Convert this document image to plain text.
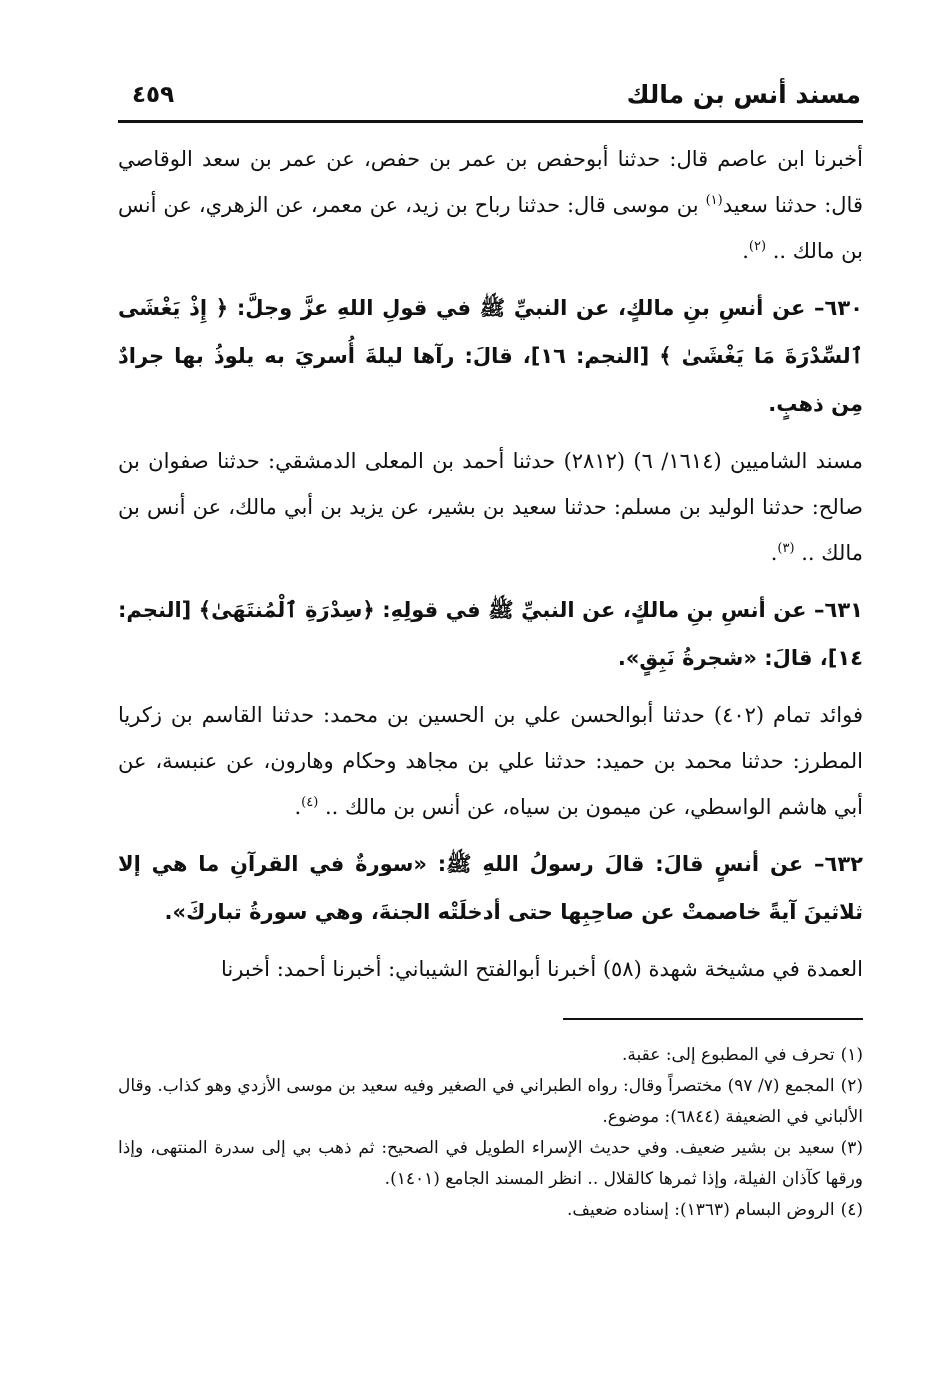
مسند أنس بن مالك
٤٥٩

أخبرنا ابن عاصم قال: حدثنا أبوحفص بن عمر بن حفص، عن عمر بن سعد الوقاصي قال: حدثنا سعيد$^{(١)}$ بن موسى قال: حدثنا رباح بن زيد، عن معمر، عن الزهري، عن أنس بن مالك .. $^{(٢)}$.

٦٣٠– عن أنسِ بنِ مالكٍ، عن النبيِّ ﷺ في قولِ اللهِ عزَّ وجلَّ: ﴿ إِذْ يَغْشَى ٱلسِّدْرَةَ مَا يَغْشَىٰ ﴾ [النجم: ١٦]، قالَ: رآها ليلةَ أُسريَ به يلوذُ بها جرادٌ مِن ذهبٍ.

مسند الشاميين (١٦١٤/ ٦) (٢٨١٢) حدثنا أحمد بن المعلى الدمشقي: حدثنا صفوان بن صالح: حدثنا الوليد بن مسلم: حدثنا سعيد بن بشير، عن يزيد بن أبي مالك، عن أنس بن مالك .. $^{(٣)}$.

٦٣١– عن أنسِ بنِ مالكٍ، عن النبيِّ ﷺ في قولِهِ: ﴿سِدْرَةِ ٱلْمُنتَهَىٰ﴾ [النجم: ١٤]، قالَ: «شجرةُ نَبِقٍ».

فوائد تمام (٤٠٢) حدثنا أبوالحسن علي بن الحسين بن محمد: حدثنا القاسم بن زكريا المطرز: حدثنا محمد بن حميد: حدثنا علي بن مجاهد وحكام وهارون، عن عنبسة، عن أبي هاشم الواسطي، عن ميمون بن سياه، عن أنس بن مالك .. $^{(٤)}$.

٦٣٢– عن أنسٍ قالَ: قالَ رسولُ اللهِ ﷺ: «سورةٌ في القرآنِ ما هي إلا ثلاثينَ آيةً خاصمتْ عن صاحِبِها حتى أدخلَتْه الجنةَ، وهي سورةُ تباركَ».

العمدة في مشيخة شهدة (٥٨) أخبرنا أبوالفتح الشيباني: أخبرنا أحمد: أخبرنا

(١)تحرف في المطبوع إلى: عقبة.

(٢)المجمع (٧/ ٩٧) مختصراً وقال: رواه الطبراني في الصغير وفيه سعيد بن موسى الأزدي وهو كذاب. وقال الألباني في الضعيفة (٦٨٤٤): موضوع.

(٣)سعيد بن بشير ضعيف. وفي حديث الإسراء الطويل في الصحيح: ثم ذهب بي إلى سدرة المنتهى، وإذا ورقها كآذان الفيلة، وإذا ثمرها كالقلال .. انظر المسند الجامع (١٤٠١).

(٤)الروض البسام (١٣٦٣): إسناده ضعيف.
